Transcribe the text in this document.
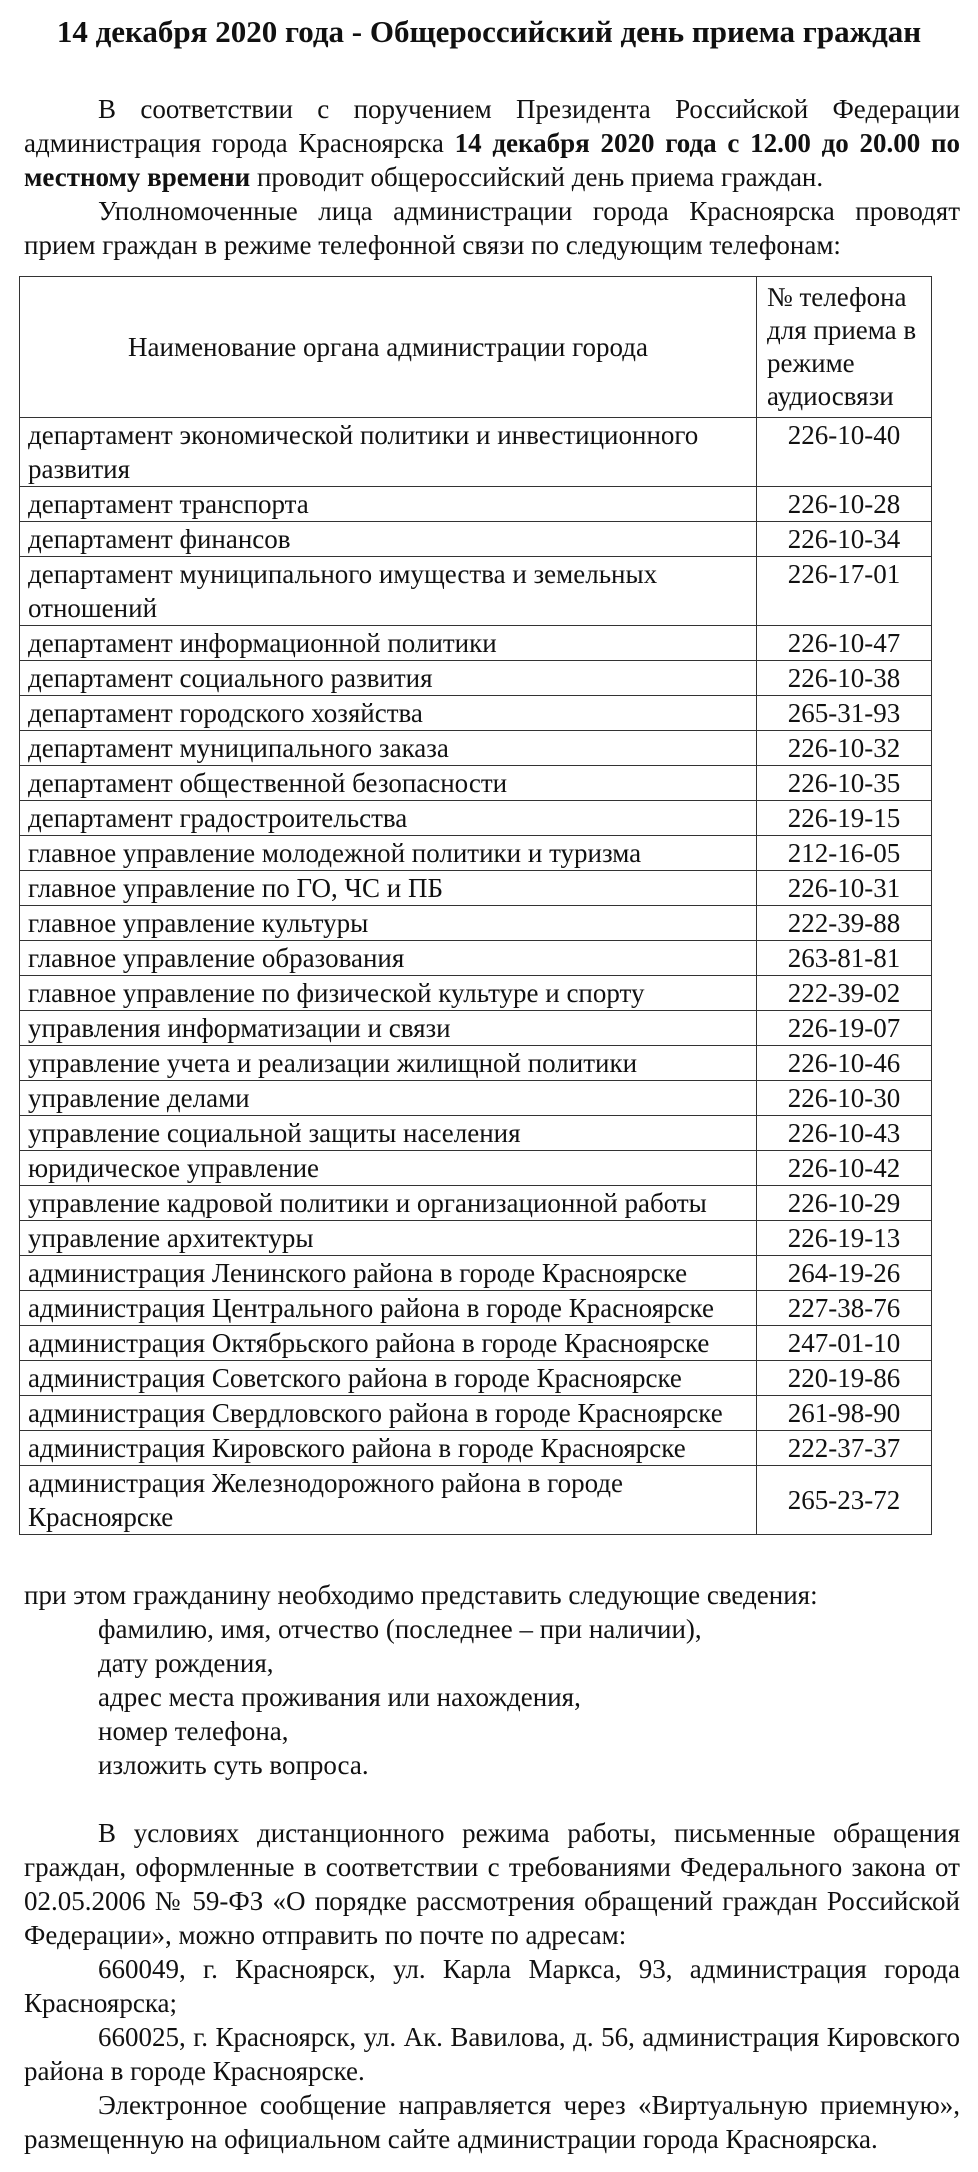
14 декабря 2020 года - Общероссийский день приема граждан

В соответствии с поручением Президента Российской Федерации администрация города Красноярска 14 декабря 2020 года с 12.00 до 20.00 по местному времени проводит общероссийский день приема граждан.

Уполномоченные лица администрации города Красноярска проводят прием граждан в режиме телефонной связи по следующим телефонам:

Наименование органа администрации города	№ телефона для приема в режиме аудиосвязи
департамент экономической политики и инвестиционного развития	226-10-40
департамент транспорта	226-10-28
департамент финансов	226-10-34
департамент муниципального имущества и земельных отношений	226-17-01
департамент информационной политики	226-10-47
департамент социального развития	226-10-38
департамент городского хозяйства	265-31-93
департамент муниципального заказа	226-10-32
департамент общественной безопасности	226-10-35
департамент градостроительства	226-19-15
главное управление молодежной политики и туризма	212-16-05
главное управление по ГО, ЧС и ПБ	226-10-31
главное управление культуры	222-39-88
главное управление образования	263-81-81
главное управление по физической культуре и спорту	222-39-02
управления информатизации и связи	226-19-07
управление учета и реализации жилищной политики	226-10-46
управление делами	226-10-30
управление социальной защиты населения	226-10-43
юридическое управление	226-10-42
управление кадровой политики и организационной работы	226-10-29
управление архитектуры	226-19-13
администрация Ленинского района в городе Красноярске	264-19-26
администрация Центрального района в городе Красноярске	227-38-76
администрация Октябрьского района в городе Красноярске	247-01-10
администрация Советского района в городе Красноярске	220-19-86
администрация Свердловского района в городе Красноярске	261-98-90
администрация Кировского района в городе Красноярске	222-37-37
администрация Железнодорожного района в городе Красноярске	265-23-72

при этом гражданину необходимо представить следующие сведения:

фамилию, имя, отчество (последнее – при наличии),

дату рождения,

адрес места проживания или нахождения,

номер телефона,

изложить суть вопроса.

В условиях дистанционного режима работы, письменные обращения граждан, оформленные в соответствии с требованиями Федерального закона от 02.05.2006 № 59-ФЗ «О порядке рассмотрения обращений граждан Российской Федерации», можно отправить по почте по адресам:

660049, г. Красноярск, ул. Карла Маркса, 93, администрация города Красноярска;

660025, г. Красноярск, ул. Ак. Вавилова, д. 56, администрация Кировского района в городе Красноярске.

Электронное сообщение направляется через «Виртуальную приемную», размещенную на официальном сайте администрации города Красноярска.
